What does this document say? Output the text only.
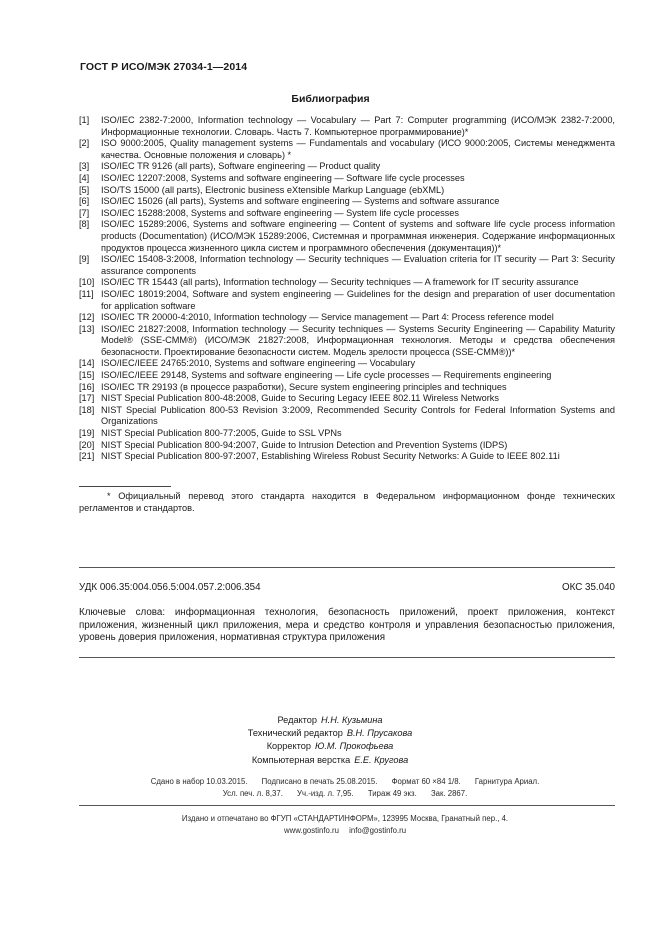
ГОСТ Р ИСО/МЭК 27034-1—2014
Библиография
[1]	ISO/IEC 2382-7:2000, Information technology — Vocabulary — Part 7: Computer programming (ИСО/МЭК 2382-7:2000, Информационные технологии. Словарь. Часть 7. Компьютерное программирование)*
[2]	ISO 9000:2005, Quality management systems — Fundamentals and vocabulary (ИСО 9000:2005, Системы менеджмента качества. Основные положения и словарь) *
[3]	ISO/IEC TR 9126 (all parts), Software engineering — Product quality
[4]	ISO/IEC 12207:2008, Systems and software engineering — Software life cycle processes
[5]	ISO/TS 15000 (all parts), Electronic business eXtensible Markup Language (ebXML)
[6]	ISO/IEC 15026 (all parts), Systems and software engineering — Systems and software assurance
[7]	ISO/IEC 15288:2008, Systems and software engineering — System life cycle processes
[8]	ISO/IEC 15289:2006, Systems and software engineering — Content of systems and software life cycle process information products (Documentation) (ИСО/МЭК 15289:2006, Системная и программная инженерия. Содержание информационных продуктов процесса жизненного цикла систем и программного обеспечения (документация))*
[9]	ISO/IEC 15408-3:2008, Information technology — Security techniques — Evaluation criteria for IT security — Part 3: Security assurance components
[10] ISO/IEC TR 15443 (all parts), Information technology — Security techniques — A framework for IT security assurance
[11] ISO/IEC 18019:2004, Software and system engineering — Guidelines for the design and preparation of user documentation for application software
[12] ISO/IEC TR 20000-4:2010, Information technology — Service management — Part 4: Process reference model
[13] ISO/IEC 21827:2008, Information technology — Security techniques — Systems Security Engineering — Capability Maturity Model® (SSE-CMM®) (ИСО/МЭК 21827:2008, Информационная технология. Методы и средства обеспечения безопасности. Проектирование безопасности систем. Модель зрелости процесса (SSE-CMM®))*
[14] ISO/IEC/IEEE 24765:2010, Systems and software engineering — Vocabulary
[15] ISO/IEC/IEEE 29148, Systems and software engineering — Life cycle processes — Requirements engineering
[16] ISO/IEC TR 29193 (в процессе разработки), Secure system engineering principles and techniques
[17] NIST Special Publication 800-48:2008, Guide to Securing Legacy IEEE 802.11 Wireless Networks
[18] NIST Special Publication 800-53 Revision 3:2009, Recommended Security Controls for Federal Information Systems and Organizations
[19] NIST Special Publication 800-77:2005, Guide to SSL VPNs
[20] NIST Special Publication 800-94:2007, Guide to Intrusion Detection and Prevention Systems (IDPS)
[21] NIST Special Publication 800-97:2007, Establishing Wireless Robust Security Networks: A Guide to IEEE 802.11i
* Официальный перевод этого стандарта находится в Федеральном информационном фонде технических регламентов и стандартов.
УДК 006.35:004.056.5:004.057.2:006.354	ОКС 35.040
Ключевые слова: информационная технология, безопасность приложений, проект приложения, контекст приложения, жизненный цикл приложения, мера и средство контроля и управления безопасностью приложения, уровень доверия приложения, нормативная структура приложения
Редактор Н.Н. Кузьмина
Технический редактор В.Н. Прусакова
Корректор Ю.М. Прокофьева
Компьютерная верстка Е.Е. Кругова
Сдано в набор 10.03.2015. Подписано в печать 25.08.2015. Формат 60 ×84 1/8. Гарнитура Ариал.
Усл. печ. л. 8,37. Уч.-изд. л. 7,95. Тираж 49 экз. Зак. 2867.
Издано и отпечатано во ФГУП «СТАНДАРТИНФОРМ», 123995 Москва, Гранатный пер., 4.
www.gostinfo.ru info@gostinfo.ru
